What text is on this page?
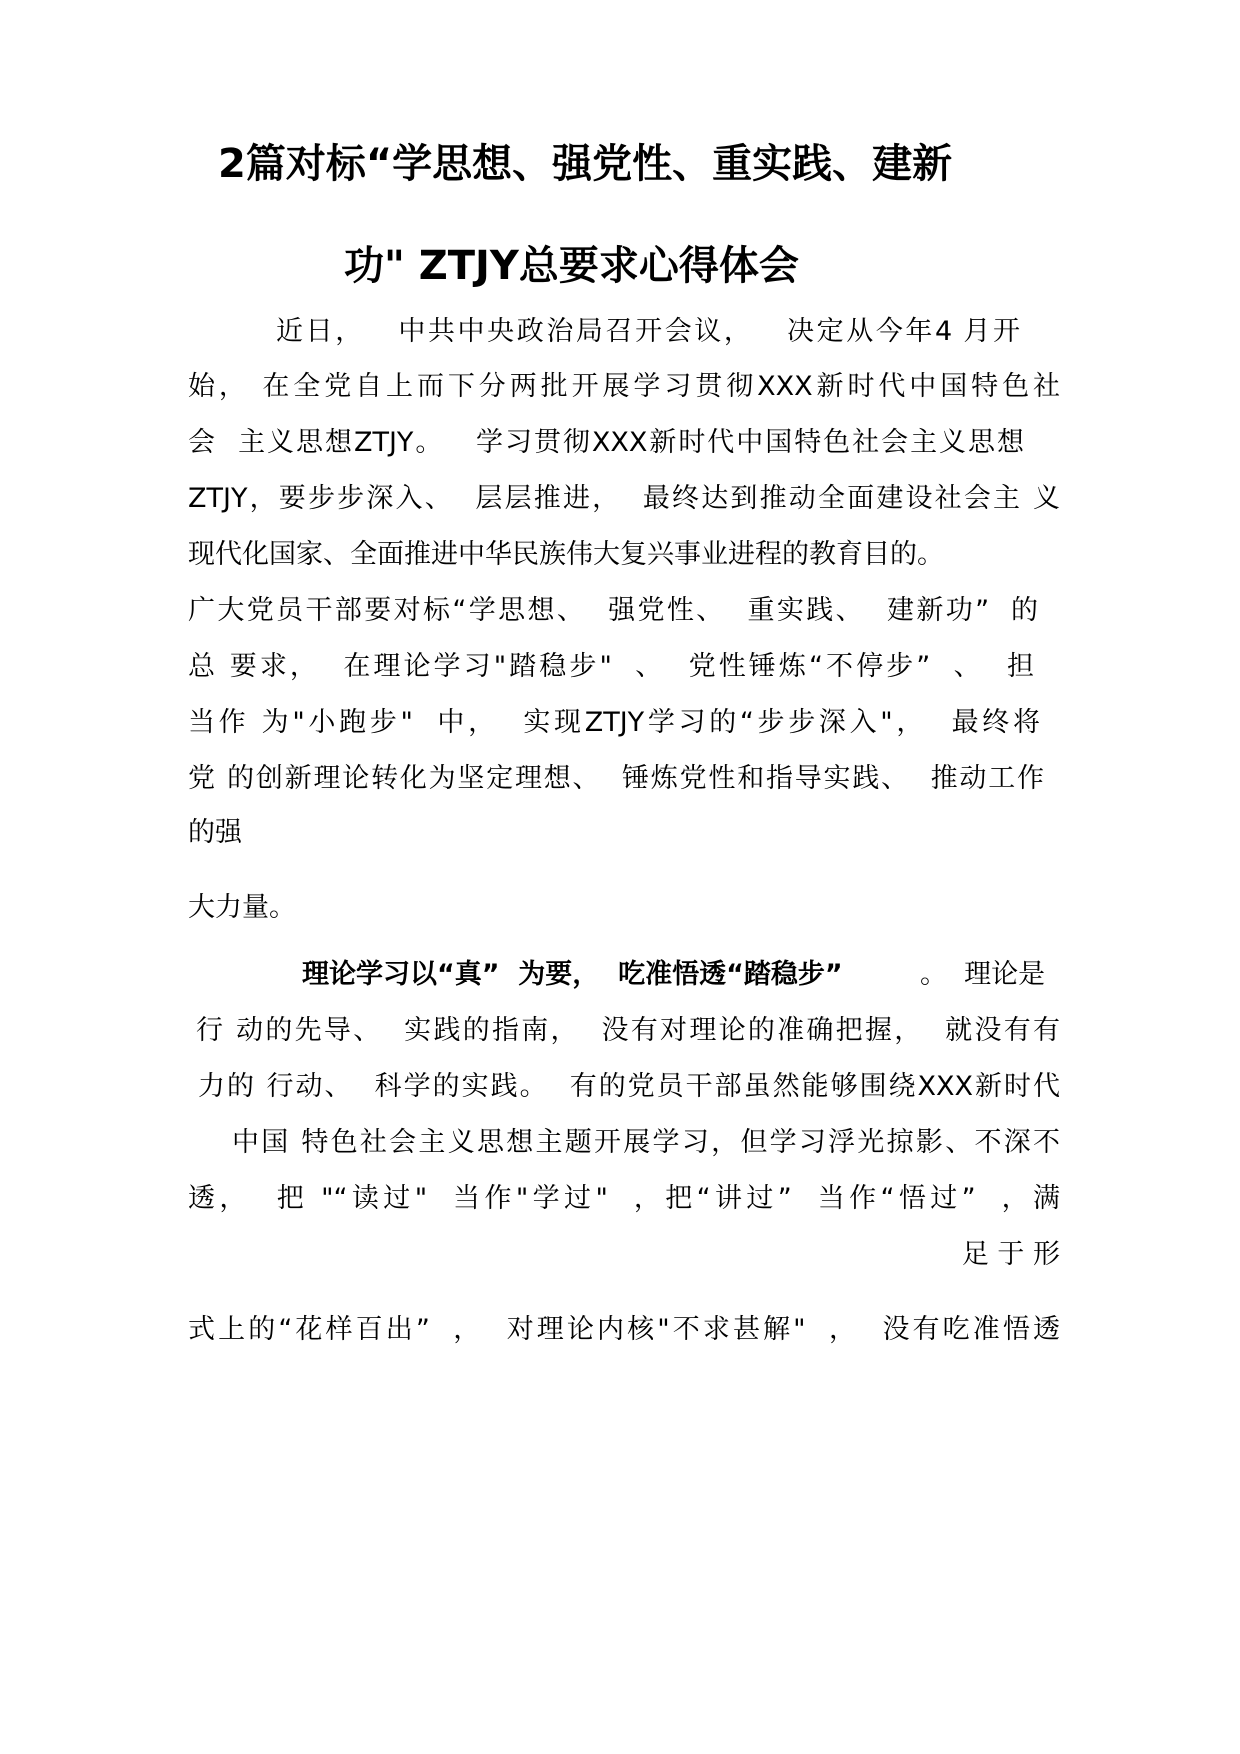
2篇对标“学思想、强党性、重实践、建新
功" ZTJY总要求心得体会
近日，   中共中央政治局召开会议，   决定从今年4 月开
始， 在全党自上而下分两批开展学习贯彻XXX新时代中国特色社
会  主义思想ZTJY。   学习贯彻XXX新时代中国特色社会主义思想
ZTJY，要步步深入、  层层推进，  最终达到推动全面建设社会主 义
现代化国家、全面推进中华民族伟大复兴事业进程的教育目的。
广大党员干部要对标“学思想、  强党性、  重实践、  建新功”  的
总 要求，  在理论学习"踏稳步"  、  党性锤炼“不停步”  、  担
当作 为"小跑步"  中，  实现ZTJY学习的“步步深入"，  最终将
党 的创新理论转化为坚定理想、  锤炼党性和指导实践、  推动工作
的强
大力量。
理论学习以“真”  为要，  吃准悟透“踏稳步”	。  理论是
行 动的先导、  实践的指南，  没有对理论的准确把握，  就没有有
力的 行动、  科学的实践。  有的党员干部虽然能够围绕XXX新时代
中国 特色社会主义思想主题开展学习，但学习浮光掠影、不深不
透，  把 "“读过"  当作"学过"  ，把“讲过”  当作“悟过”  ，满
足 于 形
式上的“花样百出”  ，  对理论内核"不求甚解"  ，  没有吃准悟透
